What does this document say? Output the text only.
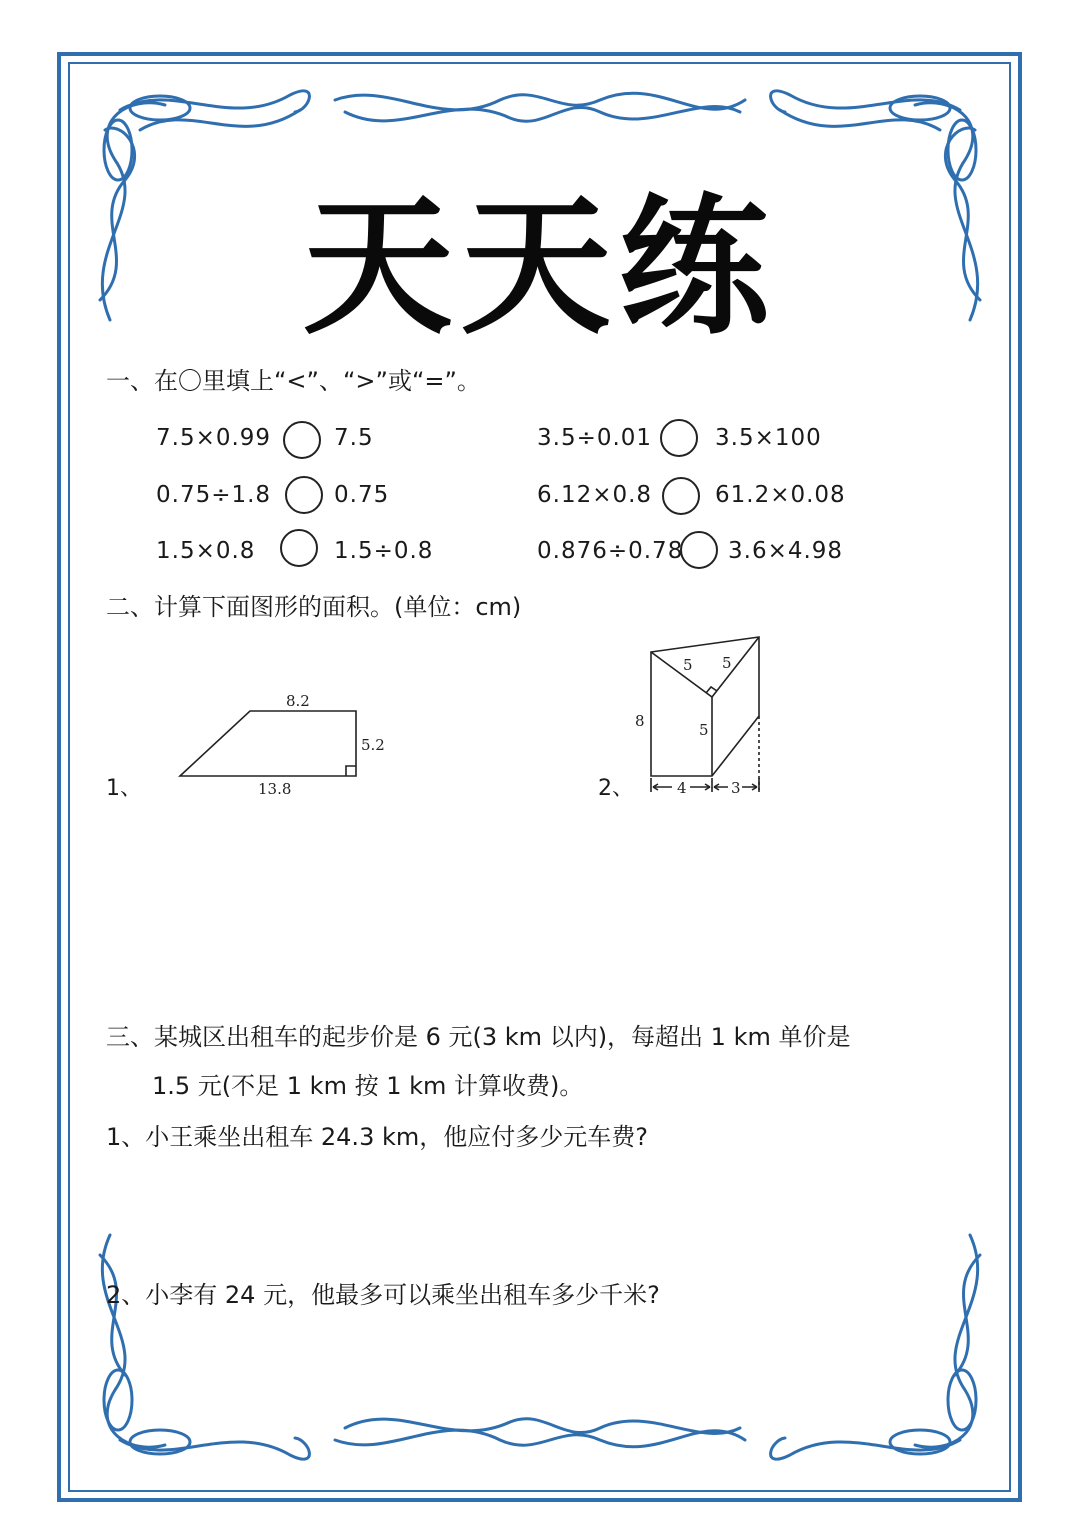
天天练
一、在〇里填上“<”、“>”或“=”。
7.5×0.99	7.5	3.5÷0.01	3.5×100
0.75÷1.8	0.75	6.12×0.8	61.2×0.08
1.5×0.8	1.5÷0.8	0.876÷0.78 3.6×4.98
二、计算下面图形的面积。(单位：cm)
1、
8.2
5.2
13.8	2、
5 5
8	5
4	3
三、某城区出租车的起步价是 6 元(3 km 以内)，每超出 1 km 单价是
1.5 元(不足 1 km 按 1 km 计算收费)。
1、小王乘坐出租车 24.3 km，他应付多少元车费?
2、小李有 24 元，他最多可以乘坐出租车多少千米?
